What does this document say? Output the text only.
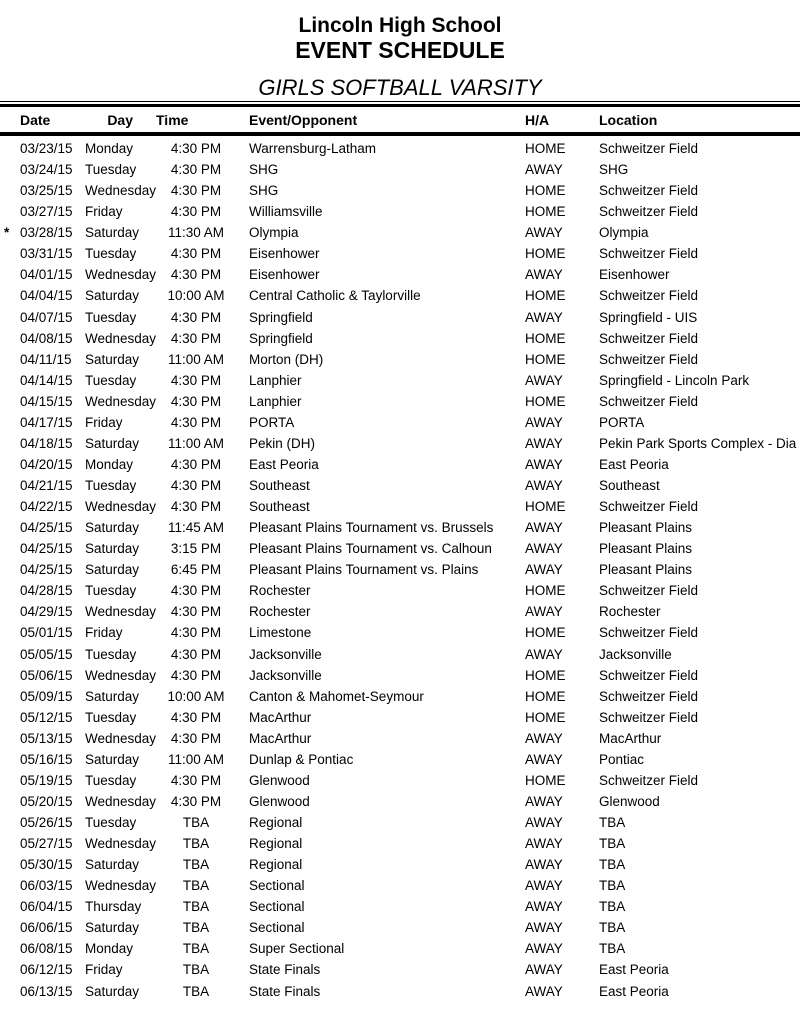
Lincoln High School
EVENT SCHEDULE
GIRLS SOFTBALL VARSITY
Date	Day Time	Event/Opponent	H/A	Location
03/23/15 Monday	4:30 PM	Warrensburg-Latham	HOME Schweitzer Field
03/24/15 Tuesday	4:30 PM	SHG	AWAY	SHG
03/25/15 Wednesday	4:30 PM	SHG	HOME Schweitzer Field
03/27/15 Friday	4:30 PM	Williamsville	HOME Schweitzer Field
* 03/28/15 Saturday	11:30 AM	Olympia	AWAY	Olympia
03/31/15 Tuesday	4:30 PM	Eisenhower	HOME Schweitzer Field
04/01/15 Wednesday	4:30 PM	Eisenhower	AWAY	Eisenhower
04/04/15 Saturday	10:00 AM	Central Catholic & Taylorville	HOME Schweitzer Field
04/07/15 Tuesday	4:30 PM	Springfield	AWAY	Springfield - UIS
04/08/15 Wednesday	4:30 PM	Springfield	HOME Schweitzer Field
04/11/15 Saturday	11:00 AM	Morton (DH)	HOME Schweitzer Field
04/14/15 Tuesday	4:30 PM	Lanphier	AWAY	Springfield - Lincoln Park
04/15/15 Wednesday	4:30 PM	Lanphier	HOME Schweitzer Field
04/17/15 Friday	4:30 PM	PORTA	AWAY	PORTA
04/18/15 Saturday	11:00 AM	Pekin (DH)	AWAY	Pekin Park Sports Complex - Dia
04/20/15 Monday	4:30 PM	East Peoria	AWAY	East Peoria
04/21/15 Tuesday	4:30 PM	Southeast	AWAY	Southeast
04/22/15 Wednesday	4:30 PM	Southeast	HOME Schweitzer Field
04/25/15 Saturday	11:45 AM	Pleasant Plains Tournament vs. Brussels AWAY	Pleasant Plains
04/25/15 Saturday	3:15 PM	Pleasant Plains Tournament vs. Calhoun AWAY	Pleasant Plains
04/25/15 Saturday	6:45 PM	Pleasant Plains Tournament vs. Plains	AWAY	Pleasant Plains
04/28/15 Tuesday	4:30 PM	Rochester	HOME Schweitzer Field
04/29/15 Wednesday	4:30 PM	Rochester	AWAY	Rochester
05/01/15 Friday	4:30 PM	Limestone	HOME Schweitzer Field
05/05/15 Tuesday	4:30 PM	Jacksonville	AWAY	Jacksonville
05/06/15 Wednesday	4:30 PM	Jacksonville	HOME Schweitzer Field
05/09/15 Saturday	10:00 AM	Canton & Mahomet-Seymour	HOME Schweitzer Field
05/12/15 Tuesday	4:30 PM	MacArthur	HOME Schweitzer Field
05/13/15 Wednesday	4:30 PM	MacArthur	AWAY	MacArthur
05/16/15 Saturday	11:00 AM	Dunlap & Pontiac	AWAY	Pontiac
05/19/15 Tuesday	4:30 PM	Glenwood	HOME Schweitzer Field
05/20/15 Wednesday	4:30 PM	Glenwood	AWAY	Glenwood
05/26/15 Tuesday	TBA	Regional	AWAY	TBA
05/27/15 Wednesday	TBA	Regional	AWAY	TBA
05/30/15 Saturday	TBA	Regional	AWAY	TBA
06/03/15 Wednesday	TBA	Sectional	AWAY	TBA
06/04/15 Thursday	TBA	Sectional	AWAY	TBA
06/06/15 Saturday	TBA	Sectional	AWAY	TBA
06/08/15 Monday	TBA	Super Sectional	AWAY	TBA
06/12/15 Friday	TBA	State Finals	AWAY	East Peoria
06/13/15 Saturday	TBA	State Finals	AWAY	East Peoria
